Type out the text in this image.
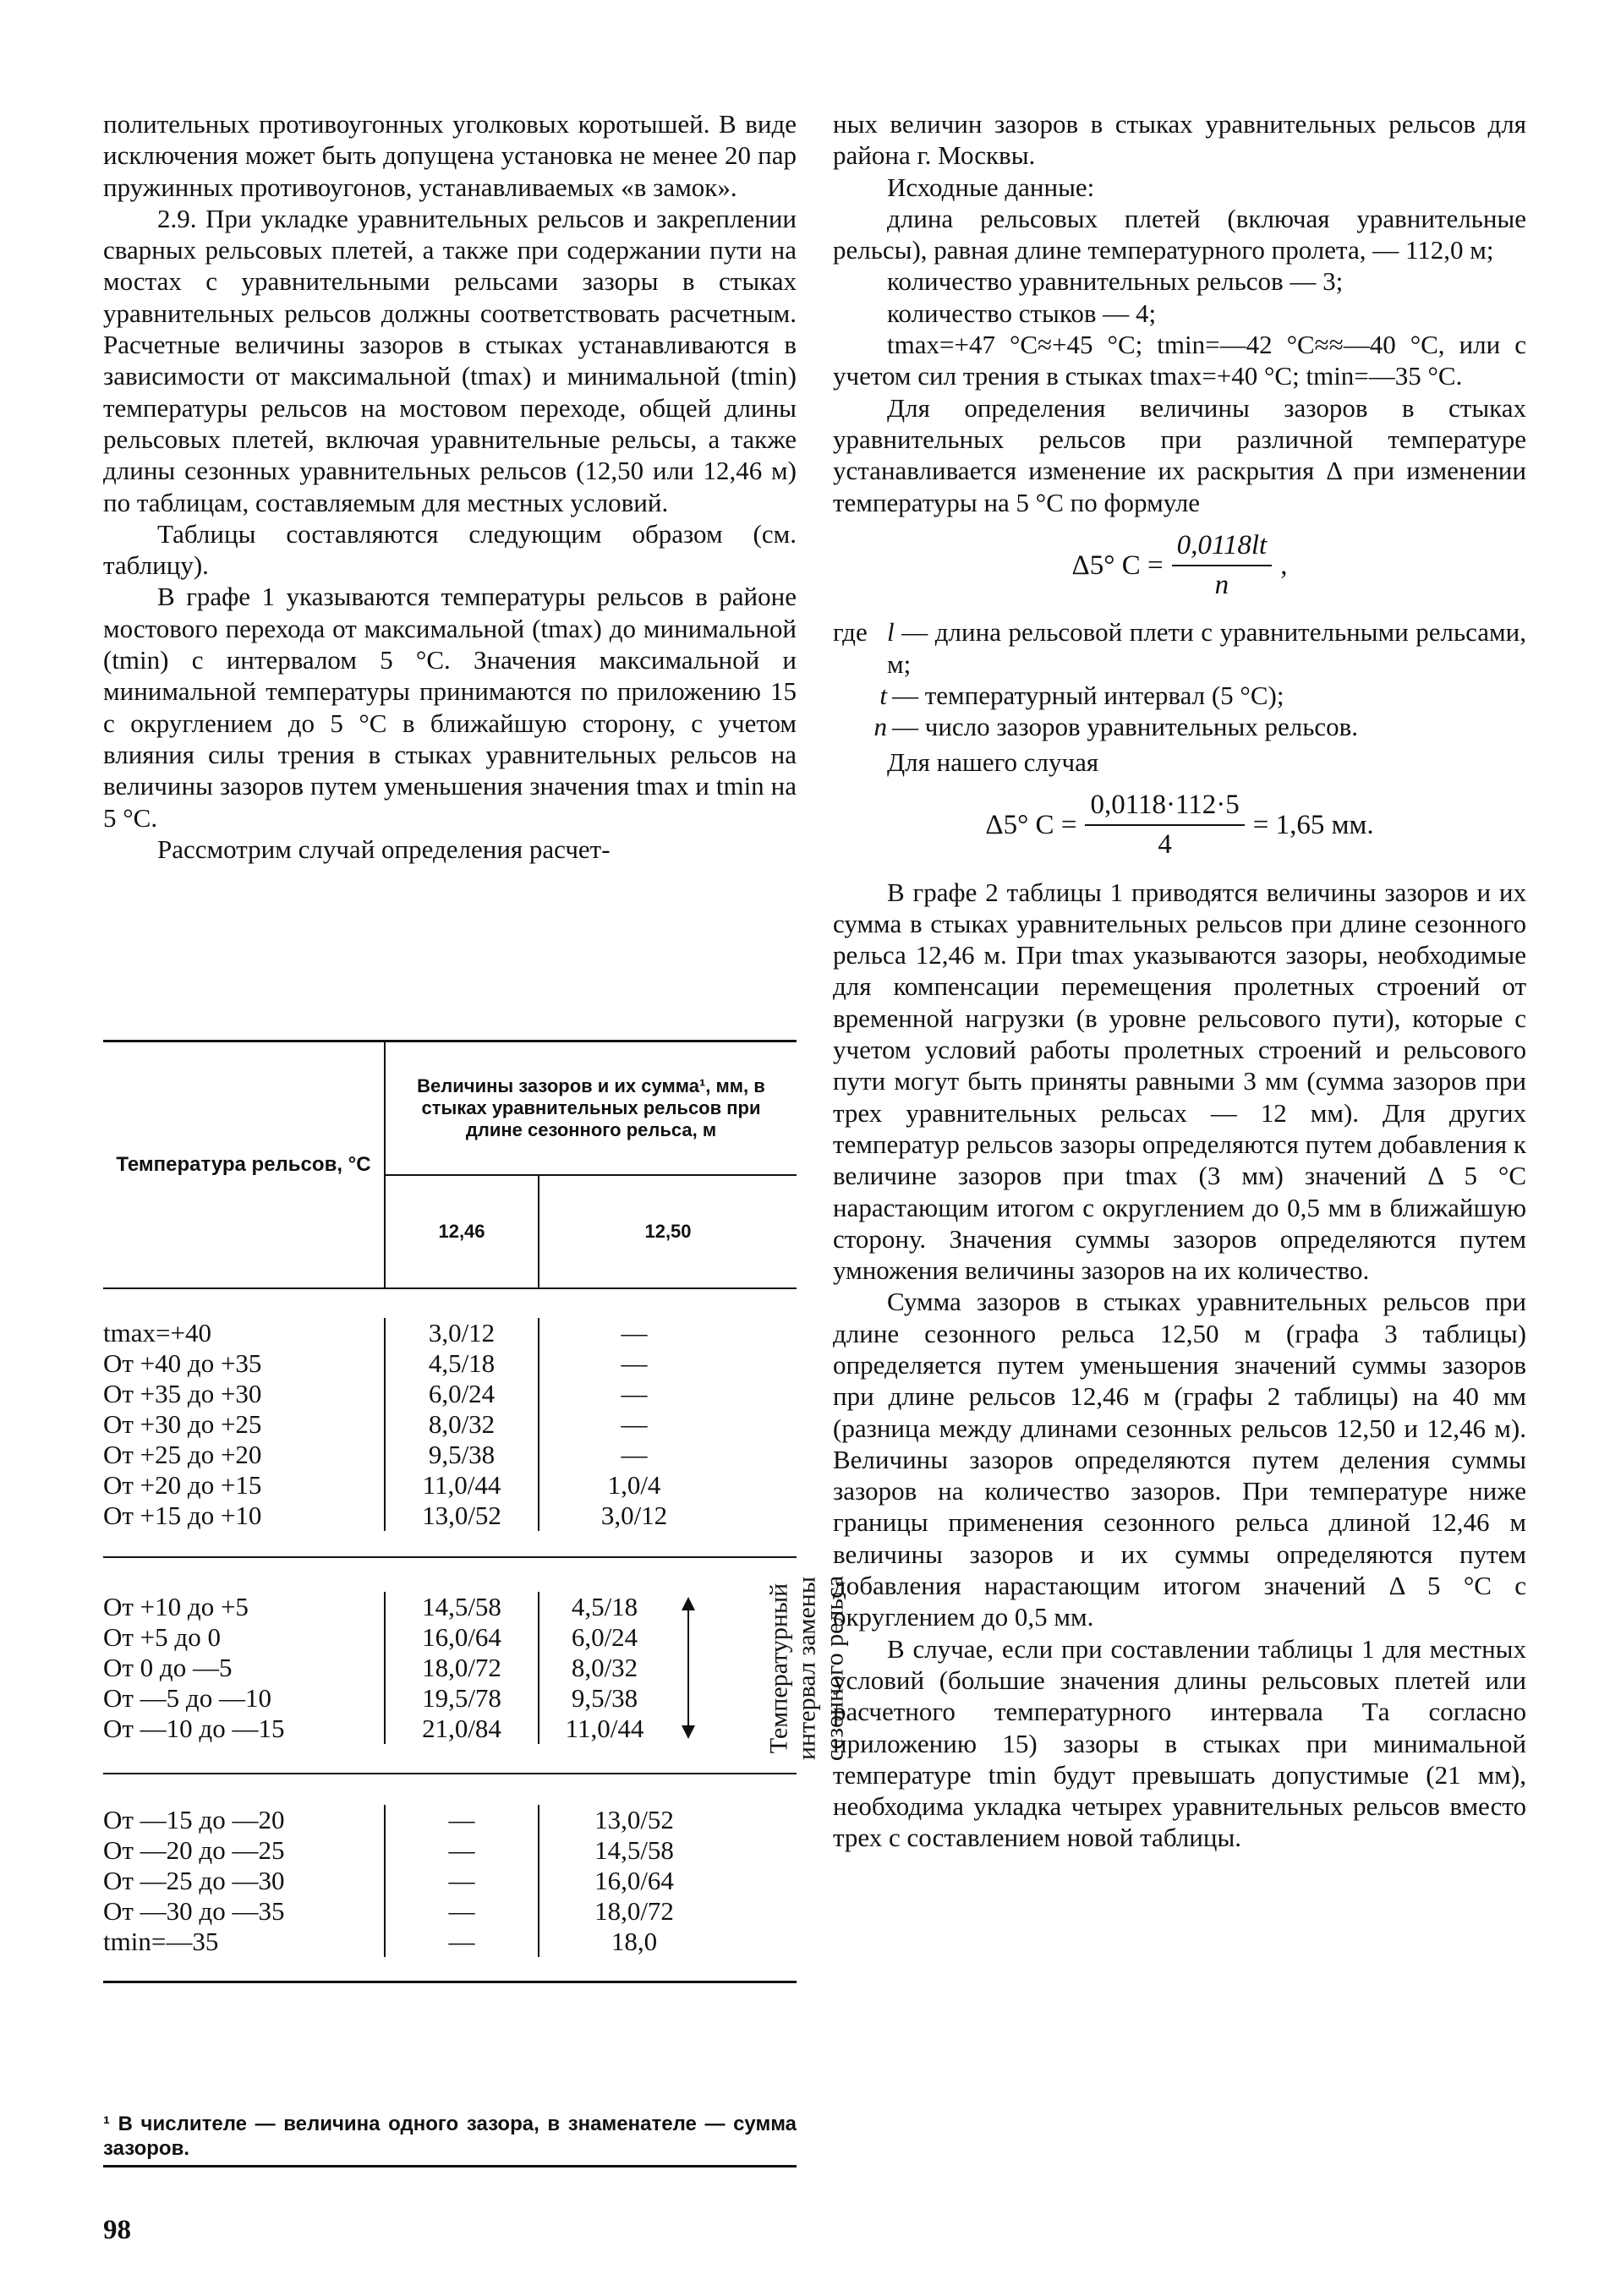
полительных противоугонных уголковых коротышей. В виде исключения может быть допущена установка не менее 20 пар пружинных противоугонов, устанавливаемых «в замок».

2.9. При укладке уравнительных рельсов и закреплении сварных рельсовых плетей, а также при содержании пути на мостах с уравнительными рельсами зазоры в стыках уравнительных рельсов должны соответствовать расчетным. Расчетные величины зазоров в стыках устанавливаются в зависимости от максимальной (tmax) и минимальной (tmin) температуры рельсов на мостовом переходе, общей длины рельсовых плетей, включая уравнительные рельсы, а также длины сезонных уравнительных рельсов (12,50 или 12,46 м) по таблицам, составляемым для местных условий.

Таблицы составляются следующим образом (см. таблицу).

В графе 1 указываются температуры рельсов в районе мостового перехода от максимальной (tmax) до минимальной (tmin) с интервалом 5 °С. Значения максимальной и минимальной температуры принимаются по приложению 15 с округлением до 5 °С в ближайшую сторону, с учетом влияния силы трения в стыках уравнительных рельсов на величины зазоров путем уменьшения значения tmax и tmin на 5 °С.

Рассмотрим случай определения расчет-

Температура рельсов, °С
Величины зазоров и их сумма¹, мм, в стыках уравнительных рельсов при длине сезонного рельса, м
12,46	12,50
tmax=+40
От +40 до +35
От +35 до +30
От +30 до +25
От +25 до +20
От +20 до +15
От +15 до +10
3,0/12
4,5/18
6,0/24
8,0/32
9,5/38
11,0/44
13,0/52
—
—
—
—
—
1,0/4
3,0/12
От +10 до +5
От +5 до 0
От 0 до —5
От —5 до —10
От —10 до —15
14,5/58
16,0/64
18,0/72
19,5/78
21,0/84
4,5/18
6,0/24
8,0/32
9,5/38
11,0/44	Температурный интервал замены сезонного рельса
От —15 до —20
От —20 до —25
От —25 до —30
От —30 до —35
tmin=—35
—
—
—
—
—
13,0/52
14,5/58
16,0/64
18,0/72
18,0
¹ В числителе — величина одного зазора, в знаменателе — сумма зазоров.
98

ных величин зазоров в стыках уравнительных рельсов для района г. Москвы.

Исходные данные:

длина рельсовых плетей (включая уравнительные рельсы), равная длине температурного пролета, — 112,0 м;

количество уравнительных рельсов — 3;

количество стыков — 4;

tmax=+47 °С≈+45 °С; tmin=—42 °С≈≈—40 °С, или с учетом сил трения в стыках tmax=+40 °С; tmin=—35 °С.

Для определения величины зазоров в стыках уравнительных рельсов при различной температуре устанавливается изменение их раскрытия Δ при изменении температуры на 5 °С по формуле

Δ5° $С = \frac{0,0118lt}{n}$ ,
где l — длина рельсовой плети с уравнительными рельсами, м;
t — температурный интервал (5 °С);
n — число зазоров уравнительных рельсов.

Для нашего случая

Δ5° $С = \frac{0,0118\cdot 112\cdot 5}{4} = 1,65$ мм.

В графе 2 таблицы 1 приводятся величины зазоров и их сумма в стыках уравнительных рельсов при длине сезонного рельса 12,46 м. При tmax указываются зазоры, необходимые для компенсации перемещения пролетных строений от временной нагрузки (в уровне рельсового пути), которые с учетом условий работы пролетных строений и рельсового пути могут быть приняты равными 3 мм (сумма зазоров при трех уравнительных рельсах — 12 мм). Для других температур рельсов зазоры определяются путем добавления к величине зазоров при tmax (3 мм) значений Δ 5 °С нарастающим итогом с округлением до 0,5 мм в ближайшую сторону. Значения суммы зазоров определяются путем умножения величины зазоров на их количество.

Сумма зазоров в стыках уравнительных рельсов при длине сезонного рельса 12,50 м (графа 3 таблицы) определяется путем уменьшения значений суммы зазоров при длине рельсов 12,46 м (графы 2 таблицы) на 40 мм (разница между длинами сезонных рельсов 12,50 и 12,46 м). Величины зазоров определяются путем деления суммы зазоров на количество зазоров. При температуре ниже границы применения сезонного рельса длиной 12,46 м величины зазоров и их суммы определяются путем добавления нарастающим итогом значений Δ 5 °С с округлением до 0,5 мм.

В случае, если при составлении таблицы 1 для местных условий (большие значения длины рельсовых плетей или расчетного температурного интервала Tа согласно приложению 15) зазоры в стыках при минимальной температуре tmin будут превышать допустимые (21 мм), необходима укладка четырех уравнительных рельсов вместо трех с составлением новой таблицы.
